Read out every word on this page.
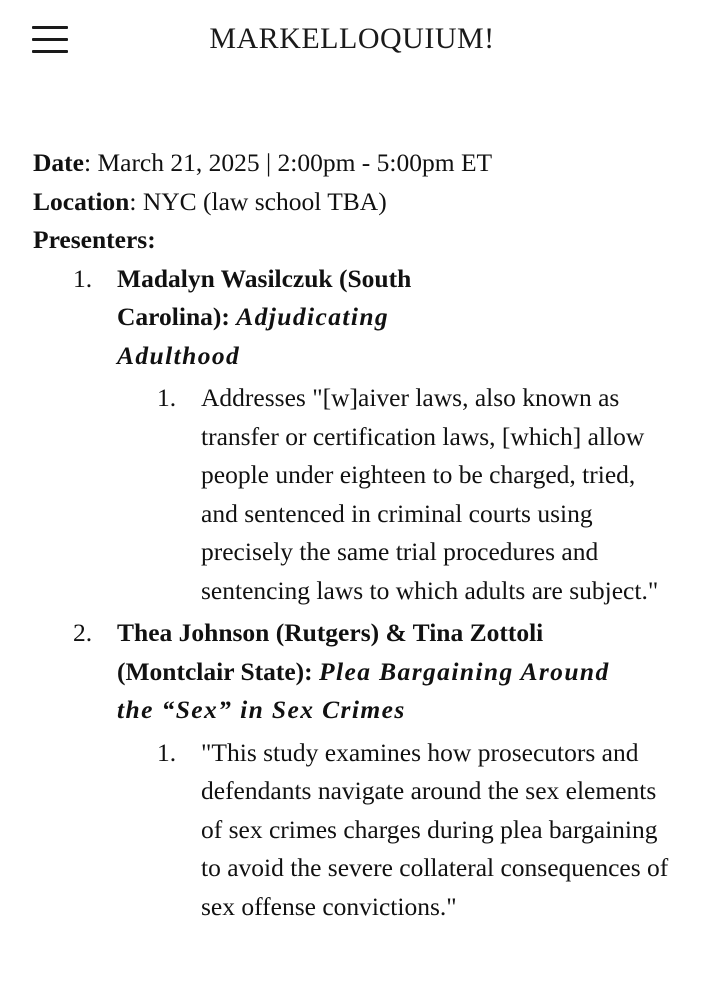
MARKELLOQUIUM!

Date: March 21, 2025 | 2:00pm - 5:00pm ET

Location: NYC (law school TBA)

Presenters:

1. Madalyn Wasilczuk (South Carolina): Adjudicating Adulthood
1. Addresses "[w]aiver laws, also known as transfer or certification laws, [which] allow people under eighteen to be charged, tried, and sentenced in criminal courts using precisely the same trial procedures and sentencing laws to which adults are subject."
2. Thea Johnson (Rutgers) & Tina Zottoli (Montclair State): Plea Bargaining Around the “Sex” in Sex Crimes
1. "This study examines how prosecutors and defendants navigate around the sex elements of sex crimes charges during plea bargaining to avoid the severe collateral consequences of sex offense convictions."
